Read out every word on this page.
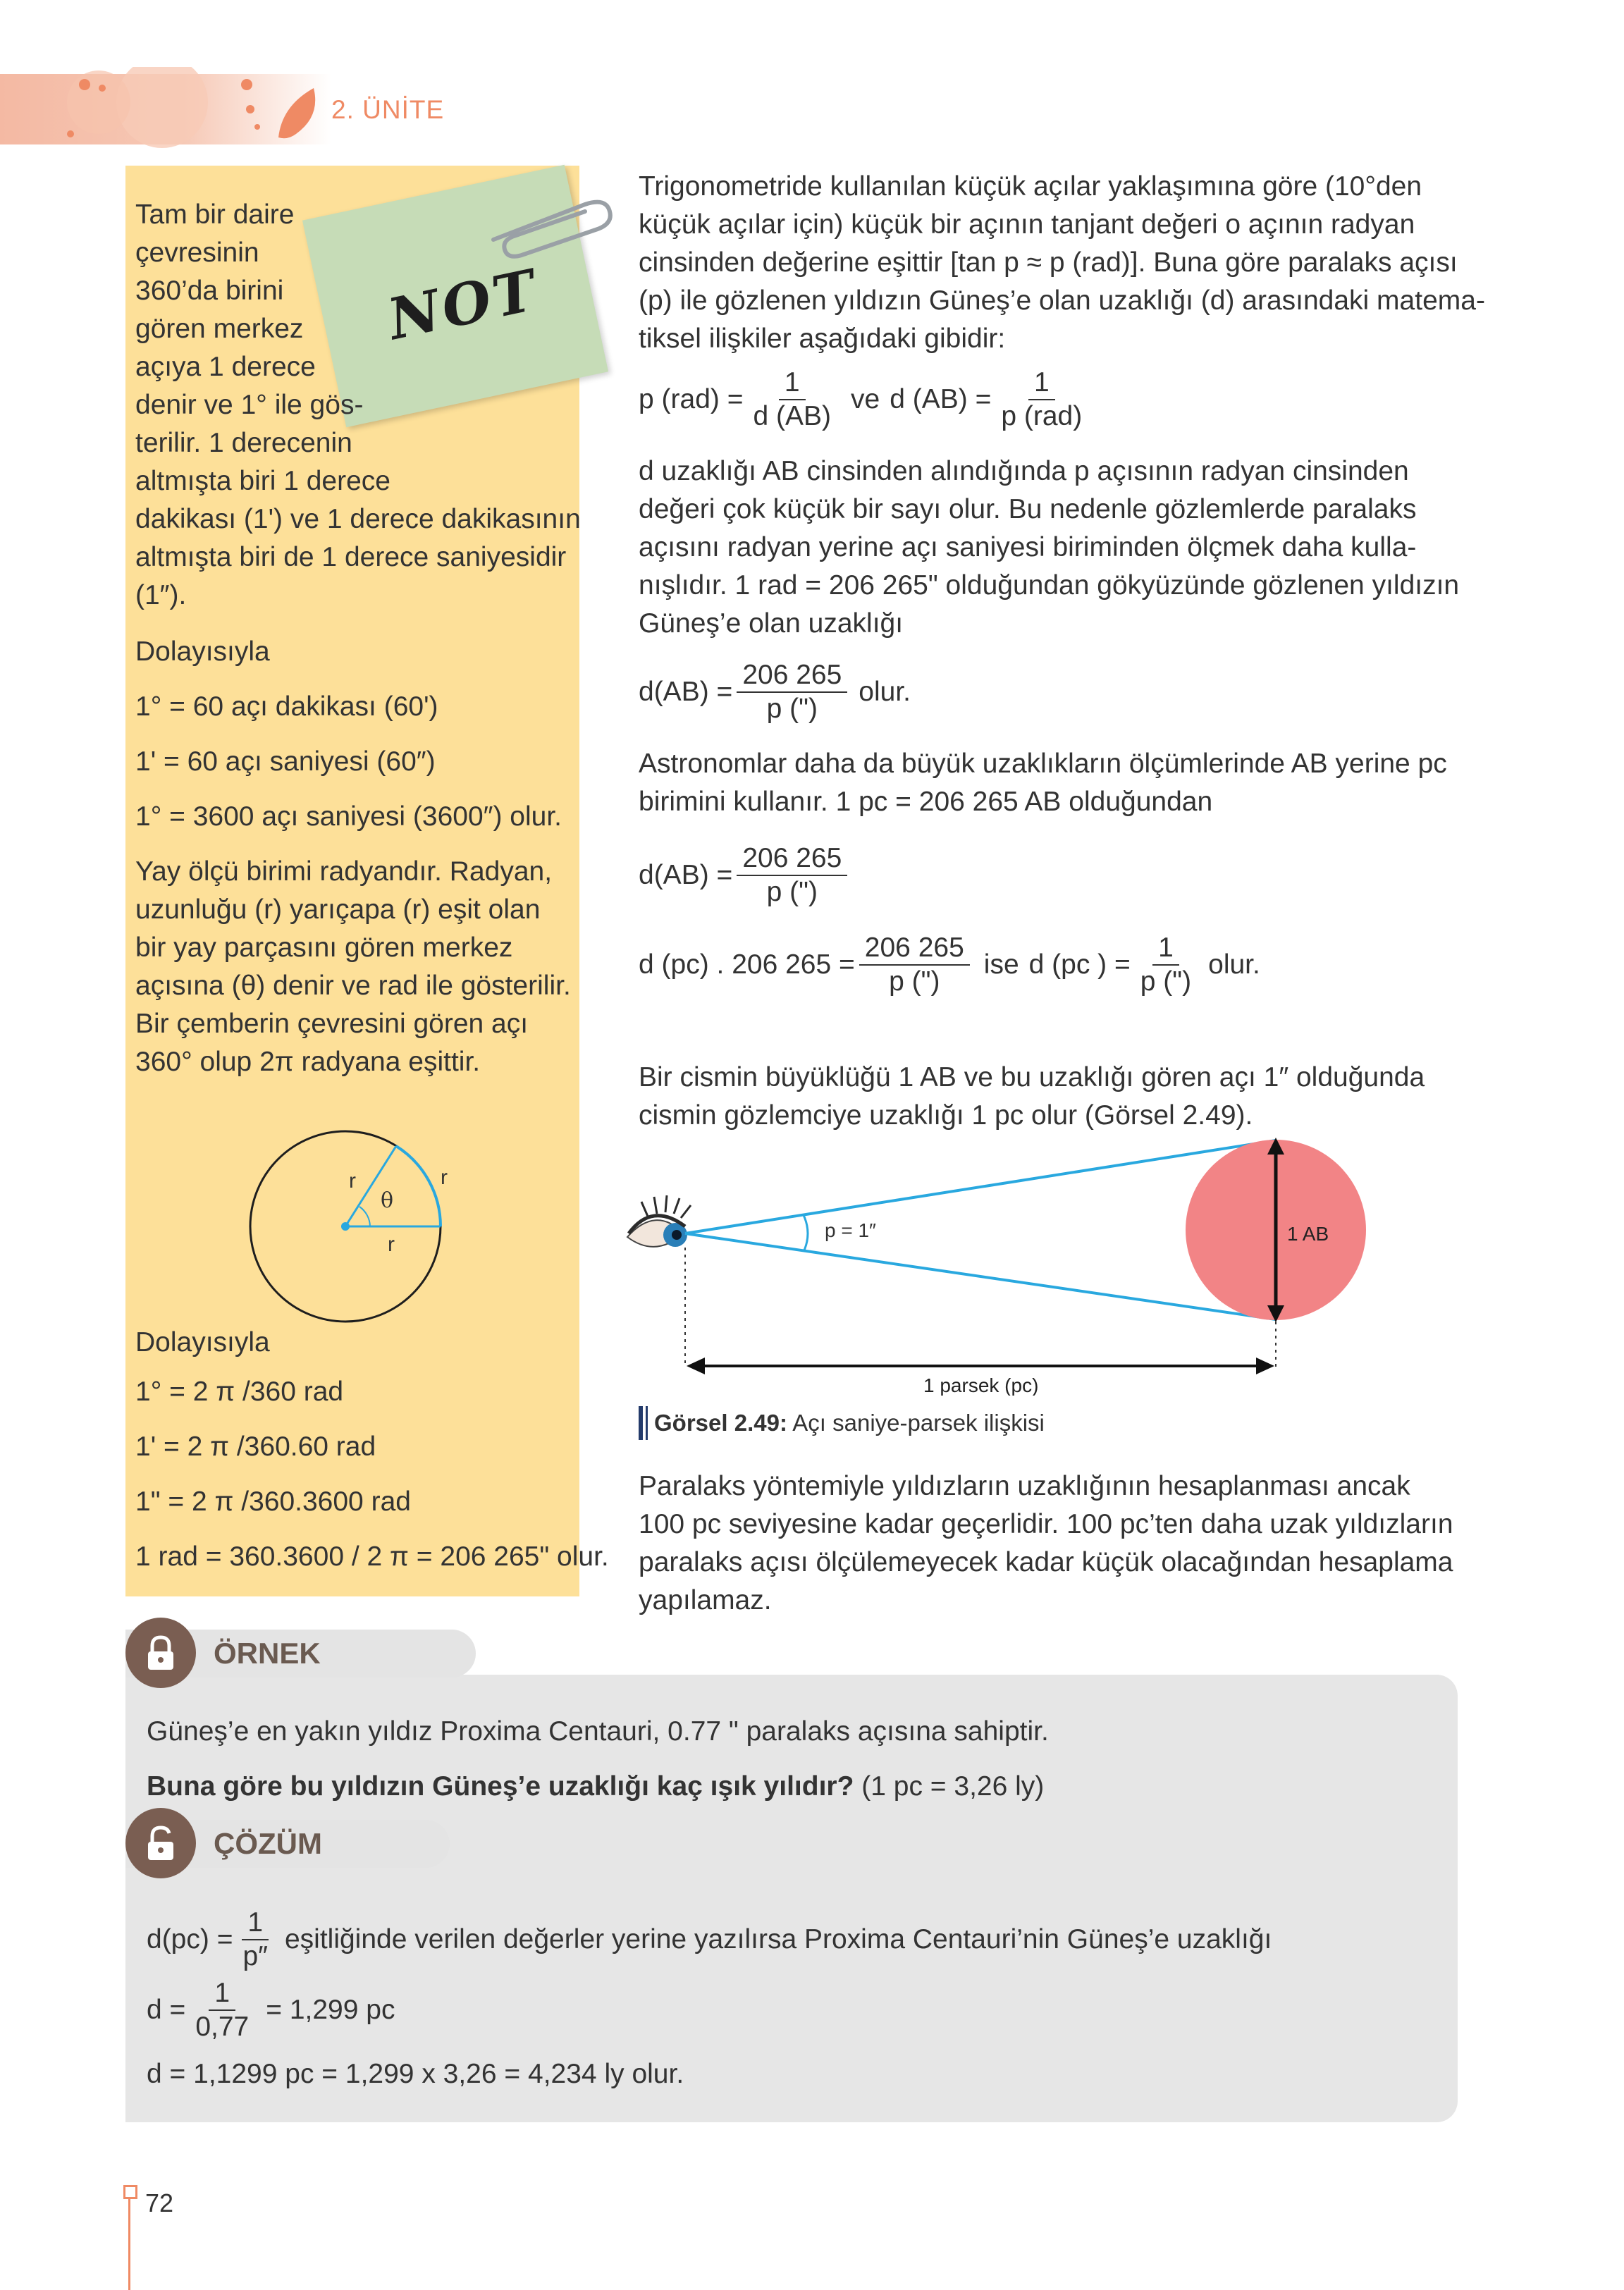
2. ÜNİTE
NOT
Tam bir daire
çevresinin
360’da birini
gören merkez
açıya 1 derece
denir ve 1° ile gös-
terilir. 1 derecenin
altmışta biri 1 derece
dakikası (1') ve 1 derece dakikasının
altmışta biri de 1 derece saniyesidir
(1″).
Dolayısıyla
1° = 60 açı dakikası (60')
1' = 60 açı saniyesi (60″)
1° = 3600 açı saniyesi (3600″) olur.
Yay ölçü birimi radyandır. Radyan,
uzunluğu (r) yarıçapa (r) eşit olan
bir yay parçasını gören merkez
açısına (θ) denir ve rad ile gösterilir.
Bir çemberin çevresini gören açı
360° olup 2π radyana eşittir.
r	r
r
θ
Dolayısıyla
1° = 2 π /360 rad
1' = 2 π /360.60 rad
1" = 2 π /360.3600 rad
1 rad = 360.3600 / 2 π = 206 265" olur.
Trigonometride kullanılan küçük açılar yaklaşımına göre (10°den
küçük açılar için) küçük bir açının tanjant değeri o açının radyan
cinsinden değerine eşittir [tan p ≈ p (rad)]. Buna göre paralaks açısı
(p) ile gözlenen yıldızın Güneş’e olan uzaklığı (d) arasındaki matema-
tiksel ilişkiler aşağıdaki gibidir:
p $(rad) = \frac{1}{d (AB)}$ ve d $(AB) = \frac{1}{\text{p (rad)}}$
d uzaklığı AB cinsinden alındığında p açısının radyan cinsinden
değeri çok küçük bir sayı olur. Bu nedenle gözlemlerde paralaks
açısını radyan yerine açı saniyesi biriminden ölçmek daha kulla-
nışlıdır. 1 rad = 206 265" olduğundan gökyüzünde gözlenen yıldızın
Güneş’e olan uzaklığı
$d(AB) = \frac{206 265}{p (")}$ olur.
Astronomlar daha da büyük uzaklıkların ölçümlerinde AB yerine pc
birimini kullanır. 1 pc = 206 265 AB olduğundan
$d(AB) = \frac{206 265}{p (")}$
d (pc) . 206 $265 = \frac{206 265}{p (")}$ ise d (pc ) = $\frac{1}{p (")}$ olur.
Bir cismin büyüklüğü 1 AB ve bu uzaklığı gören açı 1″ olduğunda
cismin gözlemciye uzaklığı 1 pc olur (Görsel 2.49).
p = 1″	1 AB
1 parsek (pc)
Görsel 2.49: Açı saniye-parsek ilişkisi
Paralaks yöntemiyle yıldızların uzaklığının hesaplanması ancak
100 pc seviyesine kadar geçerlidir. 100 pc’ten daha uzak yıldızların
paralaks açısı ölçülemeyecek kadar küçük olacağından hesaplama
yapılamaz.
ÖRNEK
Güneş’e en yakın yıldız Proxima Centauri, 0.77 " paralaks açısına sahiptir.
Buna göre bu yıldızın Güneş’e uzaklığı kaç ışık yılıdır? (1 pc = 3,26 ly)
ÇÖZÜM
$d(pc) = \frac{1}{p''}$ eşitliğinde verilen değerler yerine yazılırsa Proxima Centauri’nin Güneş’e uzaklığı
$d = \frac{1}{0,77} = 1,299$ pc
d = 1,1299 pc = 1,299 x 3,26 = 4,234 ly olur.
72
